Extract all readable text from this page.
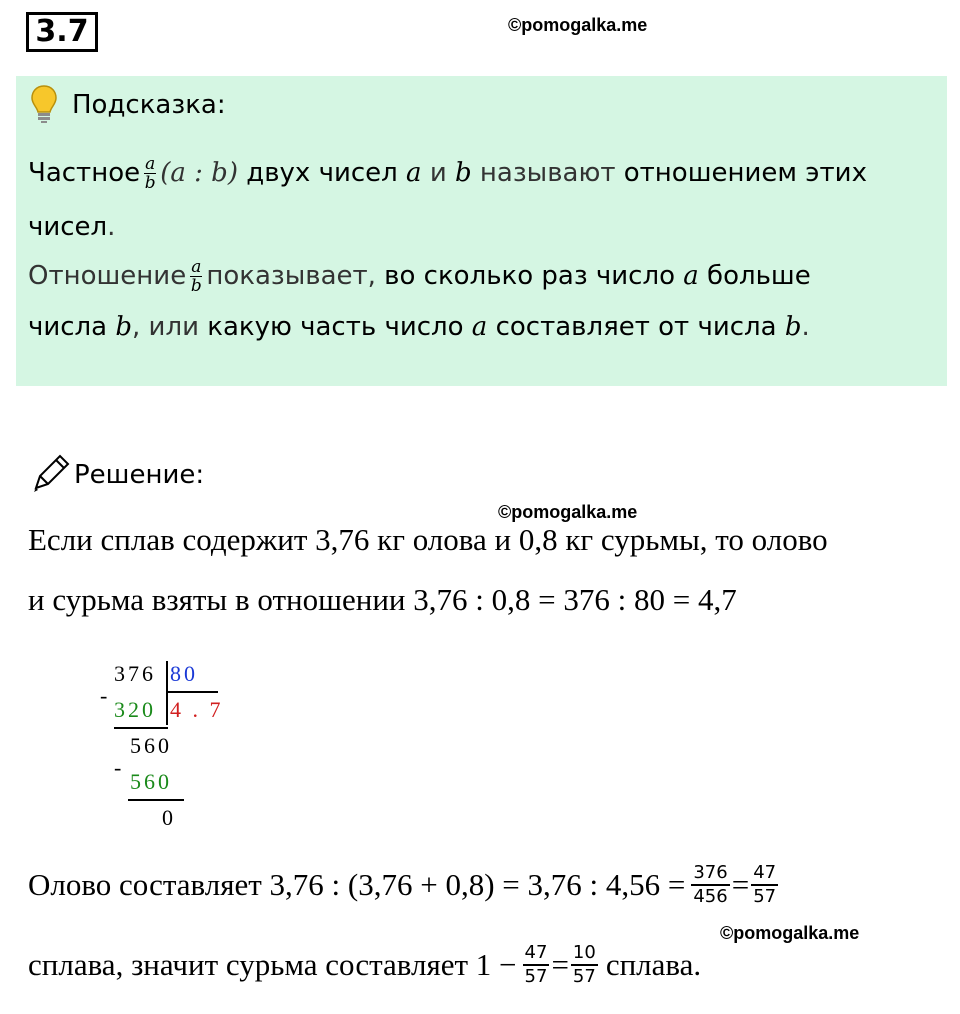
3.7	©pomogalka.me
Подсказка:
Частное $\frac{a}{b} (a$ : b) двух чисел a и b называют отношением этих
чисел.
Отношение $\frac{a}{b}$ показывает, во сколько раз число a больше
числа b, или какую часть число a составляет от числа b.
Решение:
©pomogalka.me
Если сплав содержит 3,76 кг олова и 0,8 кг сурьмы, то олово
и сурьма взяты в отношении 3,76 : 0,8 = 376 : 80 = 4,7
376 80
-
320 4 . 7
560
-
560
0
Олово составляет 3,76 : (3,76 + 0,8) = 3,76 : $4,56 = \frac{376}{456} = \frac{47}{57}$
©pomogalka.me
сплава, значит сурьма составляет $1 - \frac{47}{57} = \frac{10}{57}$ сплава.
